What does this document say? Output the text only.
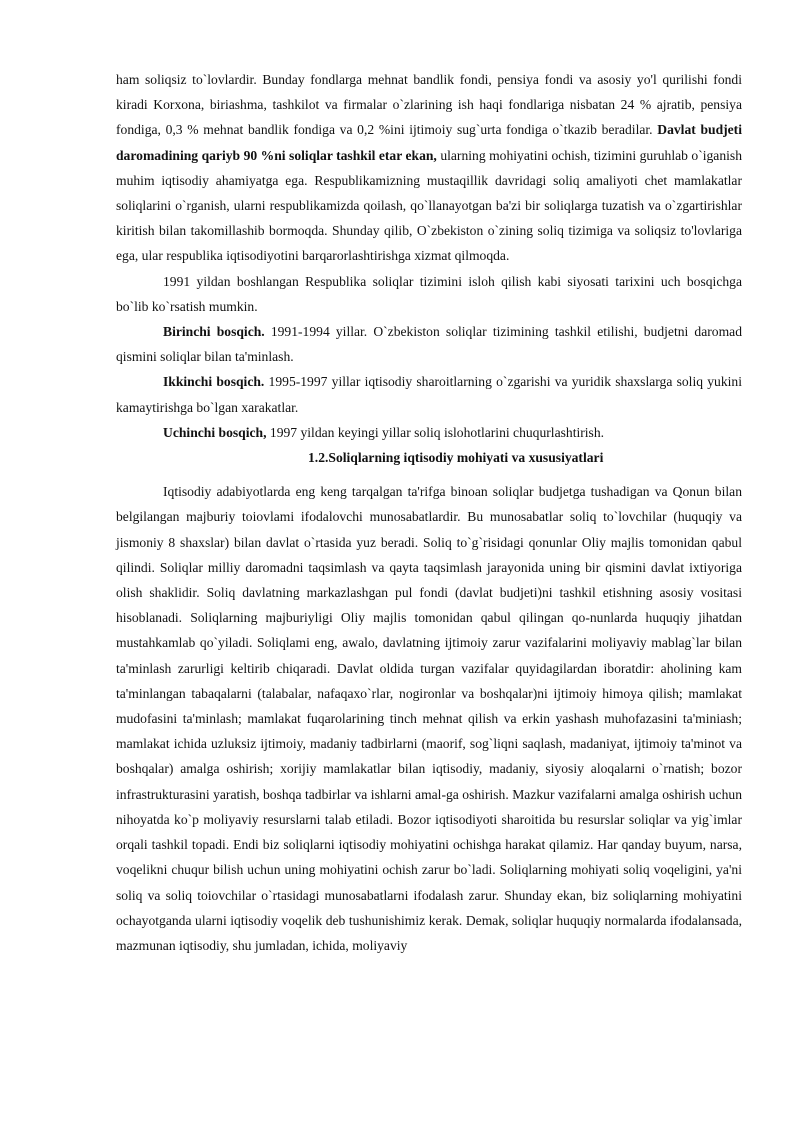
ham soliqsiz to`lovlardir. Bunday fondlarga mehnat bandlik fondi, pensiya fondi va asosiy yo'l qurilishi fondi kiradi Korxona, biriashma, tashkilot va firmalar o`zlarining ish haqi fondlariga nisbatan 24 % ajratib, pensiya fondiga, 0,3 % mehnat bandlik fondiga va 0,2 %ini ijtimoiy sug`urta fondiga o`tkazib beradilar. Davlat budjeti daromadining qariyb 90 %ni soliqlar tashkil etar ekan, ularning mohiyatini ochish, tizimini guruhlab o`iganish muhim iqtisodiy ahamiyatga ega. Respublikamizning mustaqillik davridagi soliq amaliyoti chet mamlakatlar soliqlarini o`rganish, ularni respublikamizda qoilash, qo`llanayotgan ba'zi bir soliqlarga tuzatish va o`zgartirishlar kiritish bilan takomillashib bormoqda. Shunday qilib, O`zbekiston o`zining soliq tizimiga va soliqsiz to'lovlariga ega, ular respublika iqtisodiyotini barqarorlashtirishga xizmat qilmoqda.

1991 yildan boshlangan Respublika soliqlar tizimini isloh qilish kabi siyosati tarixini uch bosqichga bo`lib ko`rsatish mumkin.

Birinchi bosqich. 1991-1994 yillar. O`zbekiston soliqlar tizimining tashkil etilishi, budjetni daromad qismini soliqlar bilan ta'minlash.

Ikkinchi bosqich. 1995-1997 yillar iqtisodiy sharoitlarning o`zgarishi va yuridik shaxslarga soliq yukini kamaytirishga bo`lgan xarakatlar.

Uchinchi bosqich, 1997 yildan keyingi yillar soliq islohotlarini chuqurlashtirish.

1.2.Soliqlarning iqtisodiy mohiyati va xususiyatlari

Iqtisodiy adabiyotlarda eng keng tarqalgan ta'rifga binoan soliqlar budjetga tushadigan va Qonun bilan belgilangan majburiy toiovlami ifodalovchi munosabatlardir. Bu munosabatlar soliq to`lovchilar (huquqiy va jismoniy 8 shaxslar) bilan davlat o`rtasida yuz beradi. Soliq to`g`risidagi qonunlar Oliy majlis tomonidan qabul qilindi. Soliqlar milliy daromadni taqsimlash va qayta taqsimlash jarayonida uning bir qismini davlat ixtiyoriga olish shaklidir. Soliq davlatning markazlashgan pul fondi (davlat budjeti)ni tashkil etishning asosiy vositasi hisoblanadi. Soliqlarning majburiyligi Oliy majlis tomonidan qabul qilingan qo-nunlarda huquqiy jihatdan mustahkamlab qo`yiladi. Soliqlami eng, awalo, davlatning ijtimoiy zarur vazifalarini moliyaviy mablag`lar bilan ta'minlash zarurligi keltirib chiqaradi. Davlat oldida turgan vazifalar quyidagilardan iboratdir: aholining kam ta'minlangan tabaqalarni (talabalar, nafaqaxo`rlar, nogironlar va boshqalar)ni ijtimoiy himoya qilish; mamlakat mudofasini ta'minlash; mamlakat fuqarolarining tinch mehnat qilish va erkin yashash muhofazasini ta'miniash; mamlakat ichida uzluksiz ijtimoiy, madaniy tadbirlarni (maorif, sog`liqni saqlash, madaniyat, ijtimoiy ta'minot va boshqalar) amalga oshirish; xorijiy mamlakatlar bilan iqtisodiy, madaniy, siyosiy aloqalarni o`rnatish; bozor infrastrukturasini yaratish, boshqa tadbirlar va ishlarni amal-ga oshirish. Mazkur vazifalarni amalga oshirish uchun nihoyatda ko`p moliyaviy resurslarni talab etiladi. Bozor iqtisodiyoti sharoitida bu resurslar soliqlar va yig`imlar orqali tashkil topadi. Endi biz soliqlarni iqtisodiy mohiyatini ochishga harakat qilamiz. Har qanday buyum, narsa, voqelikni chuqur bilish uchun uning mohiyatini ochish zarur bo`ladi. Soliqlarning mohiyati soliq voqeligini, ya'ni soliq va soliq toiovchilar o`rtasidagi munosabatlarni ifodalash zarur. Shunday ekan, biz soliqlarning mohiyatini ochayotganda ularni iqtisodiy voqelik deb tushunishimiz kerak. Demak, soliqlar huquqiy normalarda ifodalansada, mazmunan iqtisodiy, shu jumladan, ichida, moliyaviy
